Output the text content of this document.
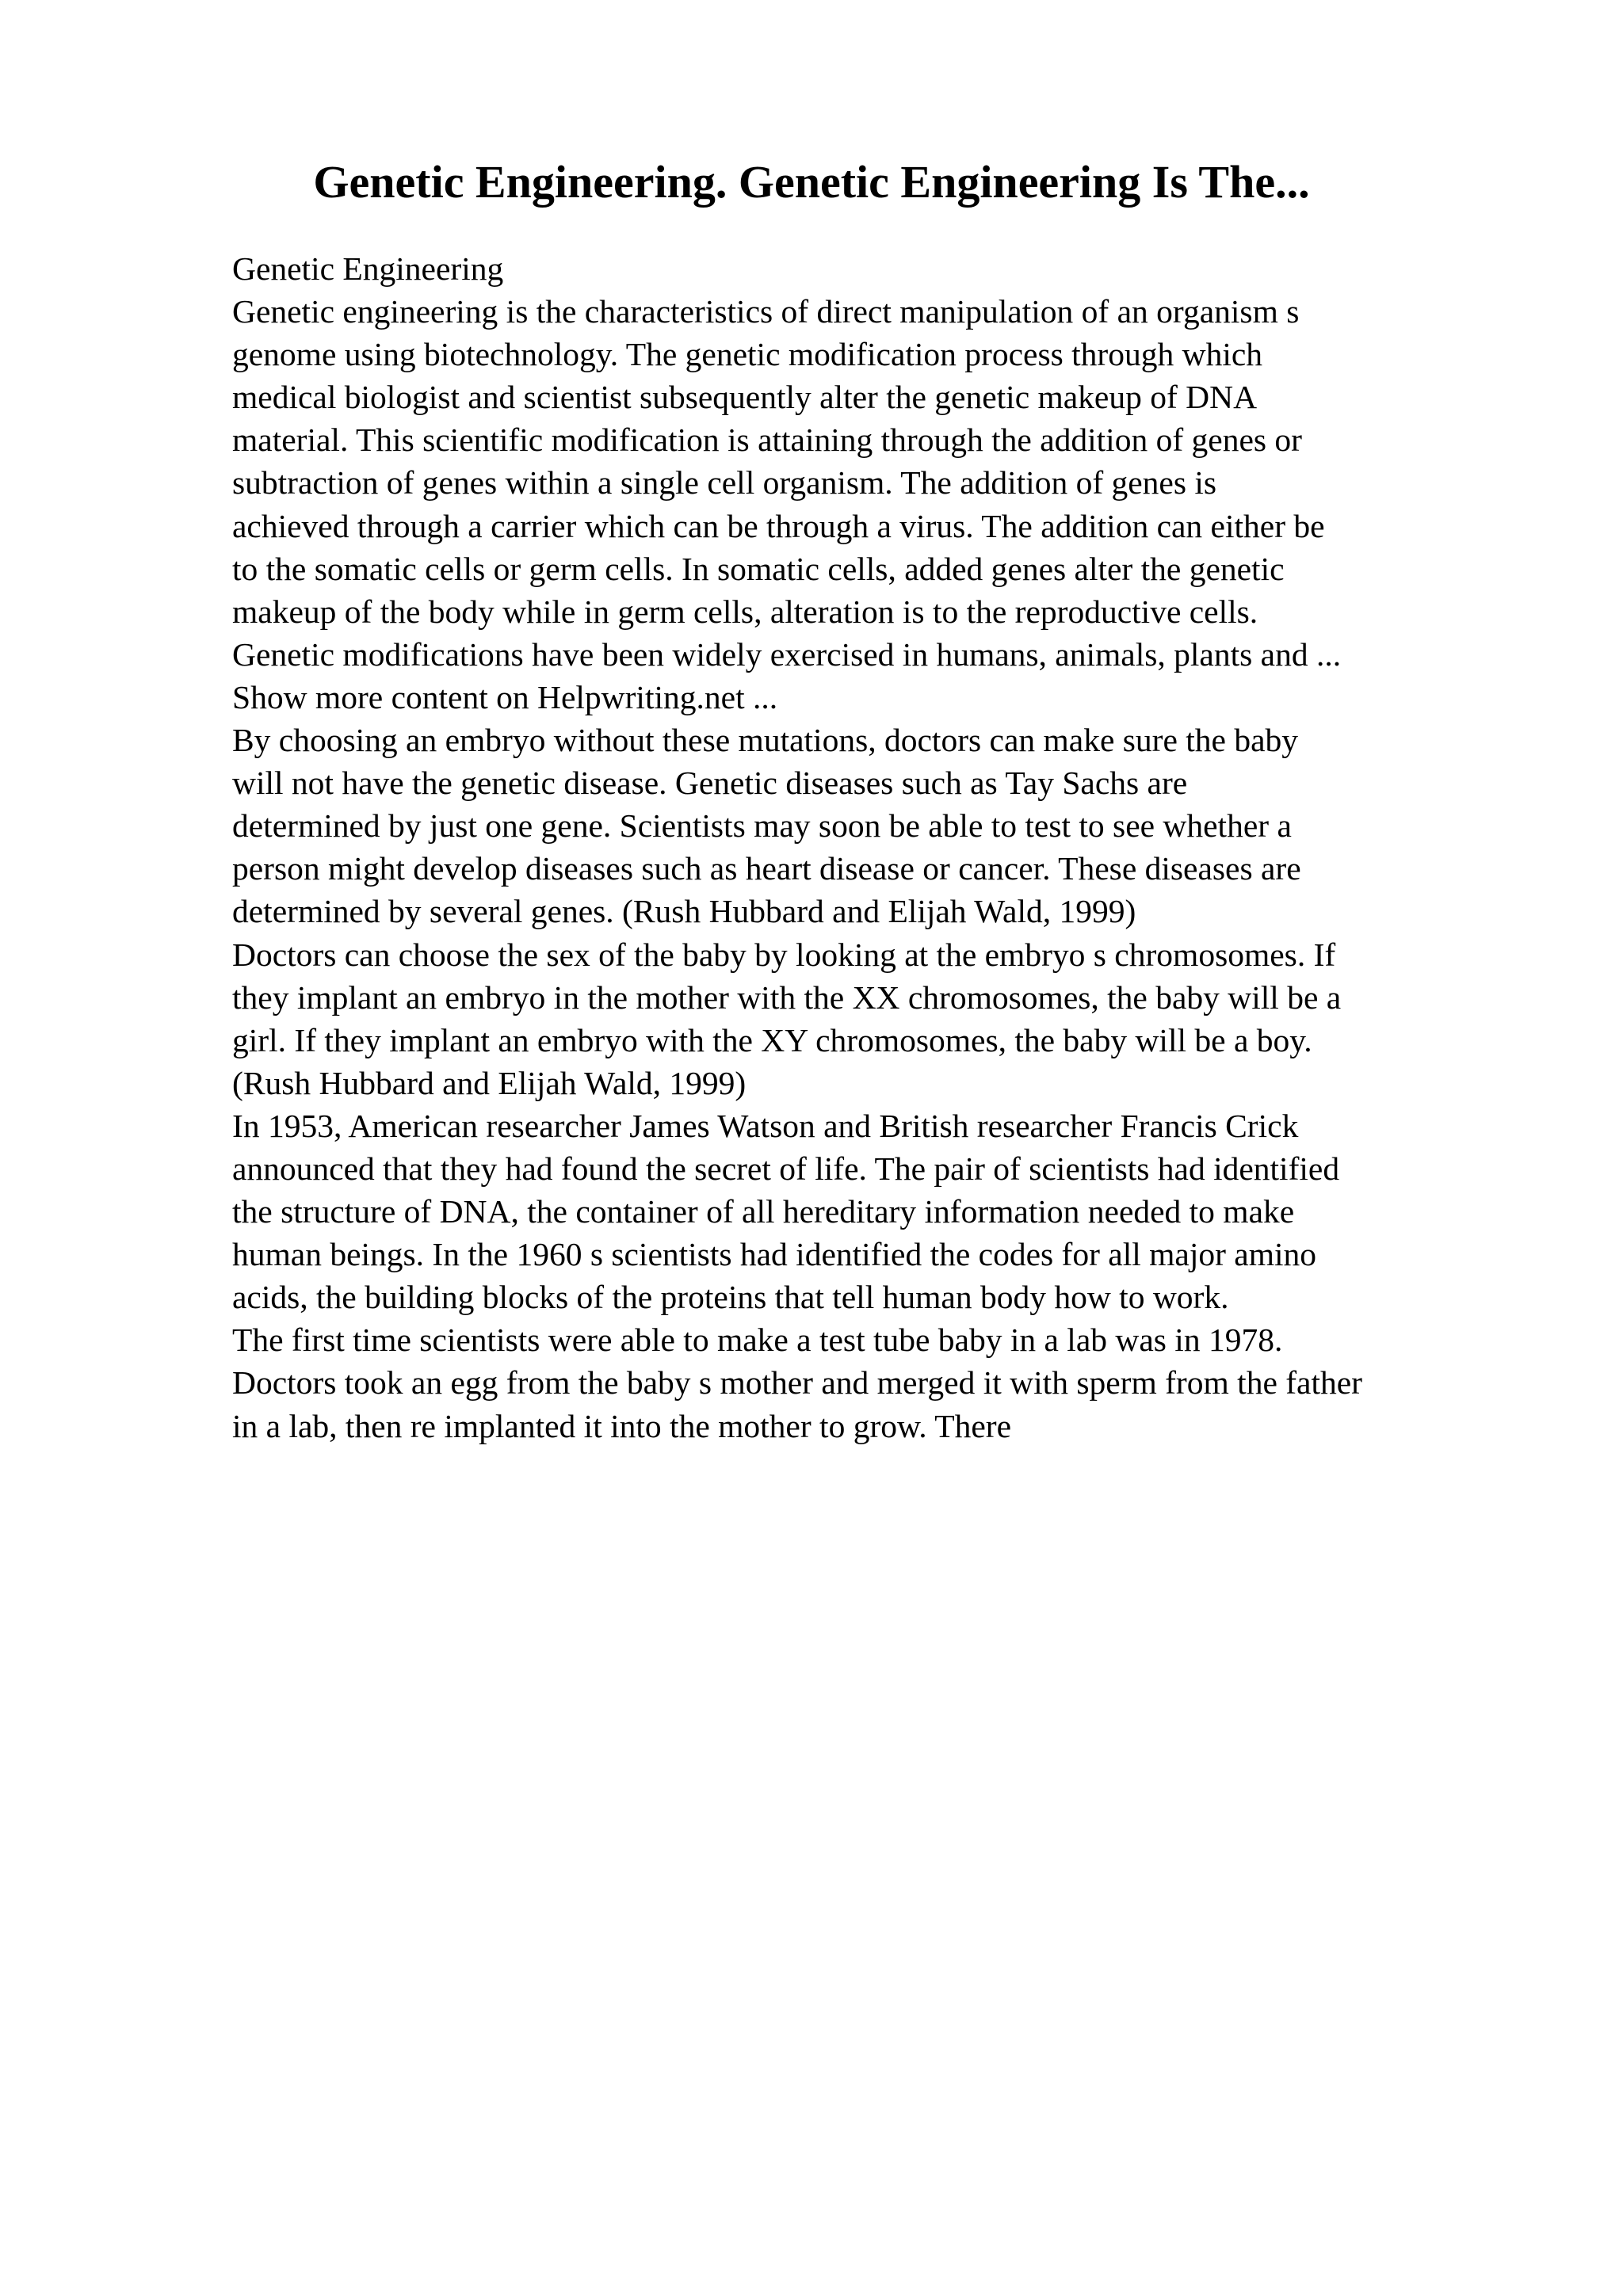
Genetic Engineering. Genetic Engineering Is The...
Genetic Engineering
Genetic engineering is the characteristics of direct manipulation of an organism s
genome using biotechnology. The genetic modification process through which
medical biologist and scientist subsequently alter the genetic makeup of DNA
material. This scientific modification is attaining through the addition of genes or
subtraction of genes within a single cell organism. The addition of genes is
achieved through a carrier which can be through a virus. The addition can either be
to the somatic cells or germ cells. In somatic cells, added genes alter the genetic
makeup of the body while in germ cells, alteration is to the reproductive cells.
Genetic modifications have been widely exercised in humans, animals, plants and ...
Show more content on Helpwriting.net ...
By choosing an embryo without these mutations, doctors can make sure the baby
will not have the genetic disease. Genetic diseases such as Tay Sachs are
determined by just one gene. Scientists may soon be able to test to see whether a
person might develop diseases such as heart disease or cancer. These diseases are
determined by several genes. (Rush Hubbard and Elijah Wald, 1999)
Doctors can choose the sex of the baby by looking at the embryo s chromosomes. If
they implant an embryo in the mother with the XX chromosomes, the baby will be a
girl. If they implant an embryo with the XY chromosomes, the baby will be a boy.
(Rush Hubbard and Elijah Wald, 1999)
In 1953, American researcher James Watson and British researcher Francis Crick
announced that they had found the secret of life. The pair of scientists had identified
the structure of DNA, the container of all hereditary information needed to make
human beings. In the 1960 s scientists had identified the codes for all major amino
acids, the building blocks of the proteins that tell human body how to work.
The first time scientists were able to make a test tube baby in a lab was in 1978.
Doctors took an egg from the baby s mother and merged it with sperm from the father
in a lab, then re implanted it into the mother to grow. There
